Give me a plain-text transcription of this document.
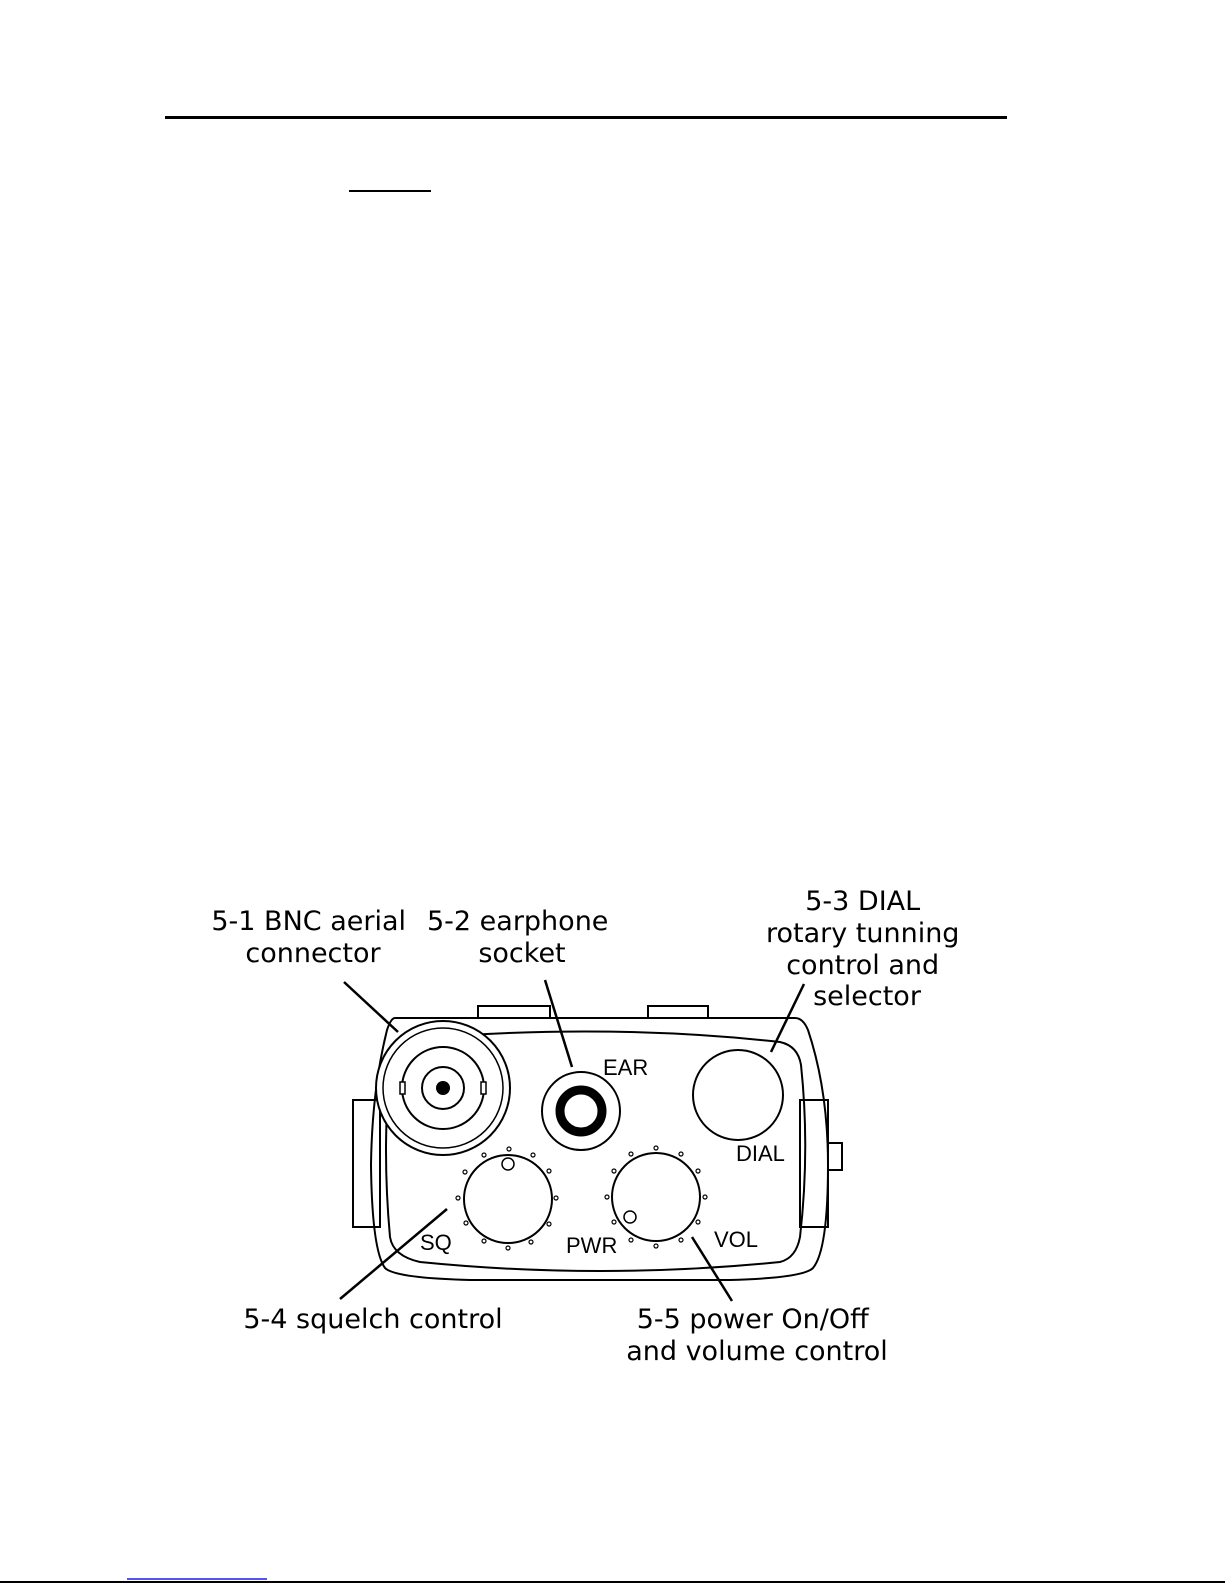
EAR
DIAL
SQ	PWR	VOL
5-1 BNC aerial connector
5-2 earphone socket
5-3 DIAL rotary tunning control and selector
5-4 squelch control	5-5 power On/Off and volume control
